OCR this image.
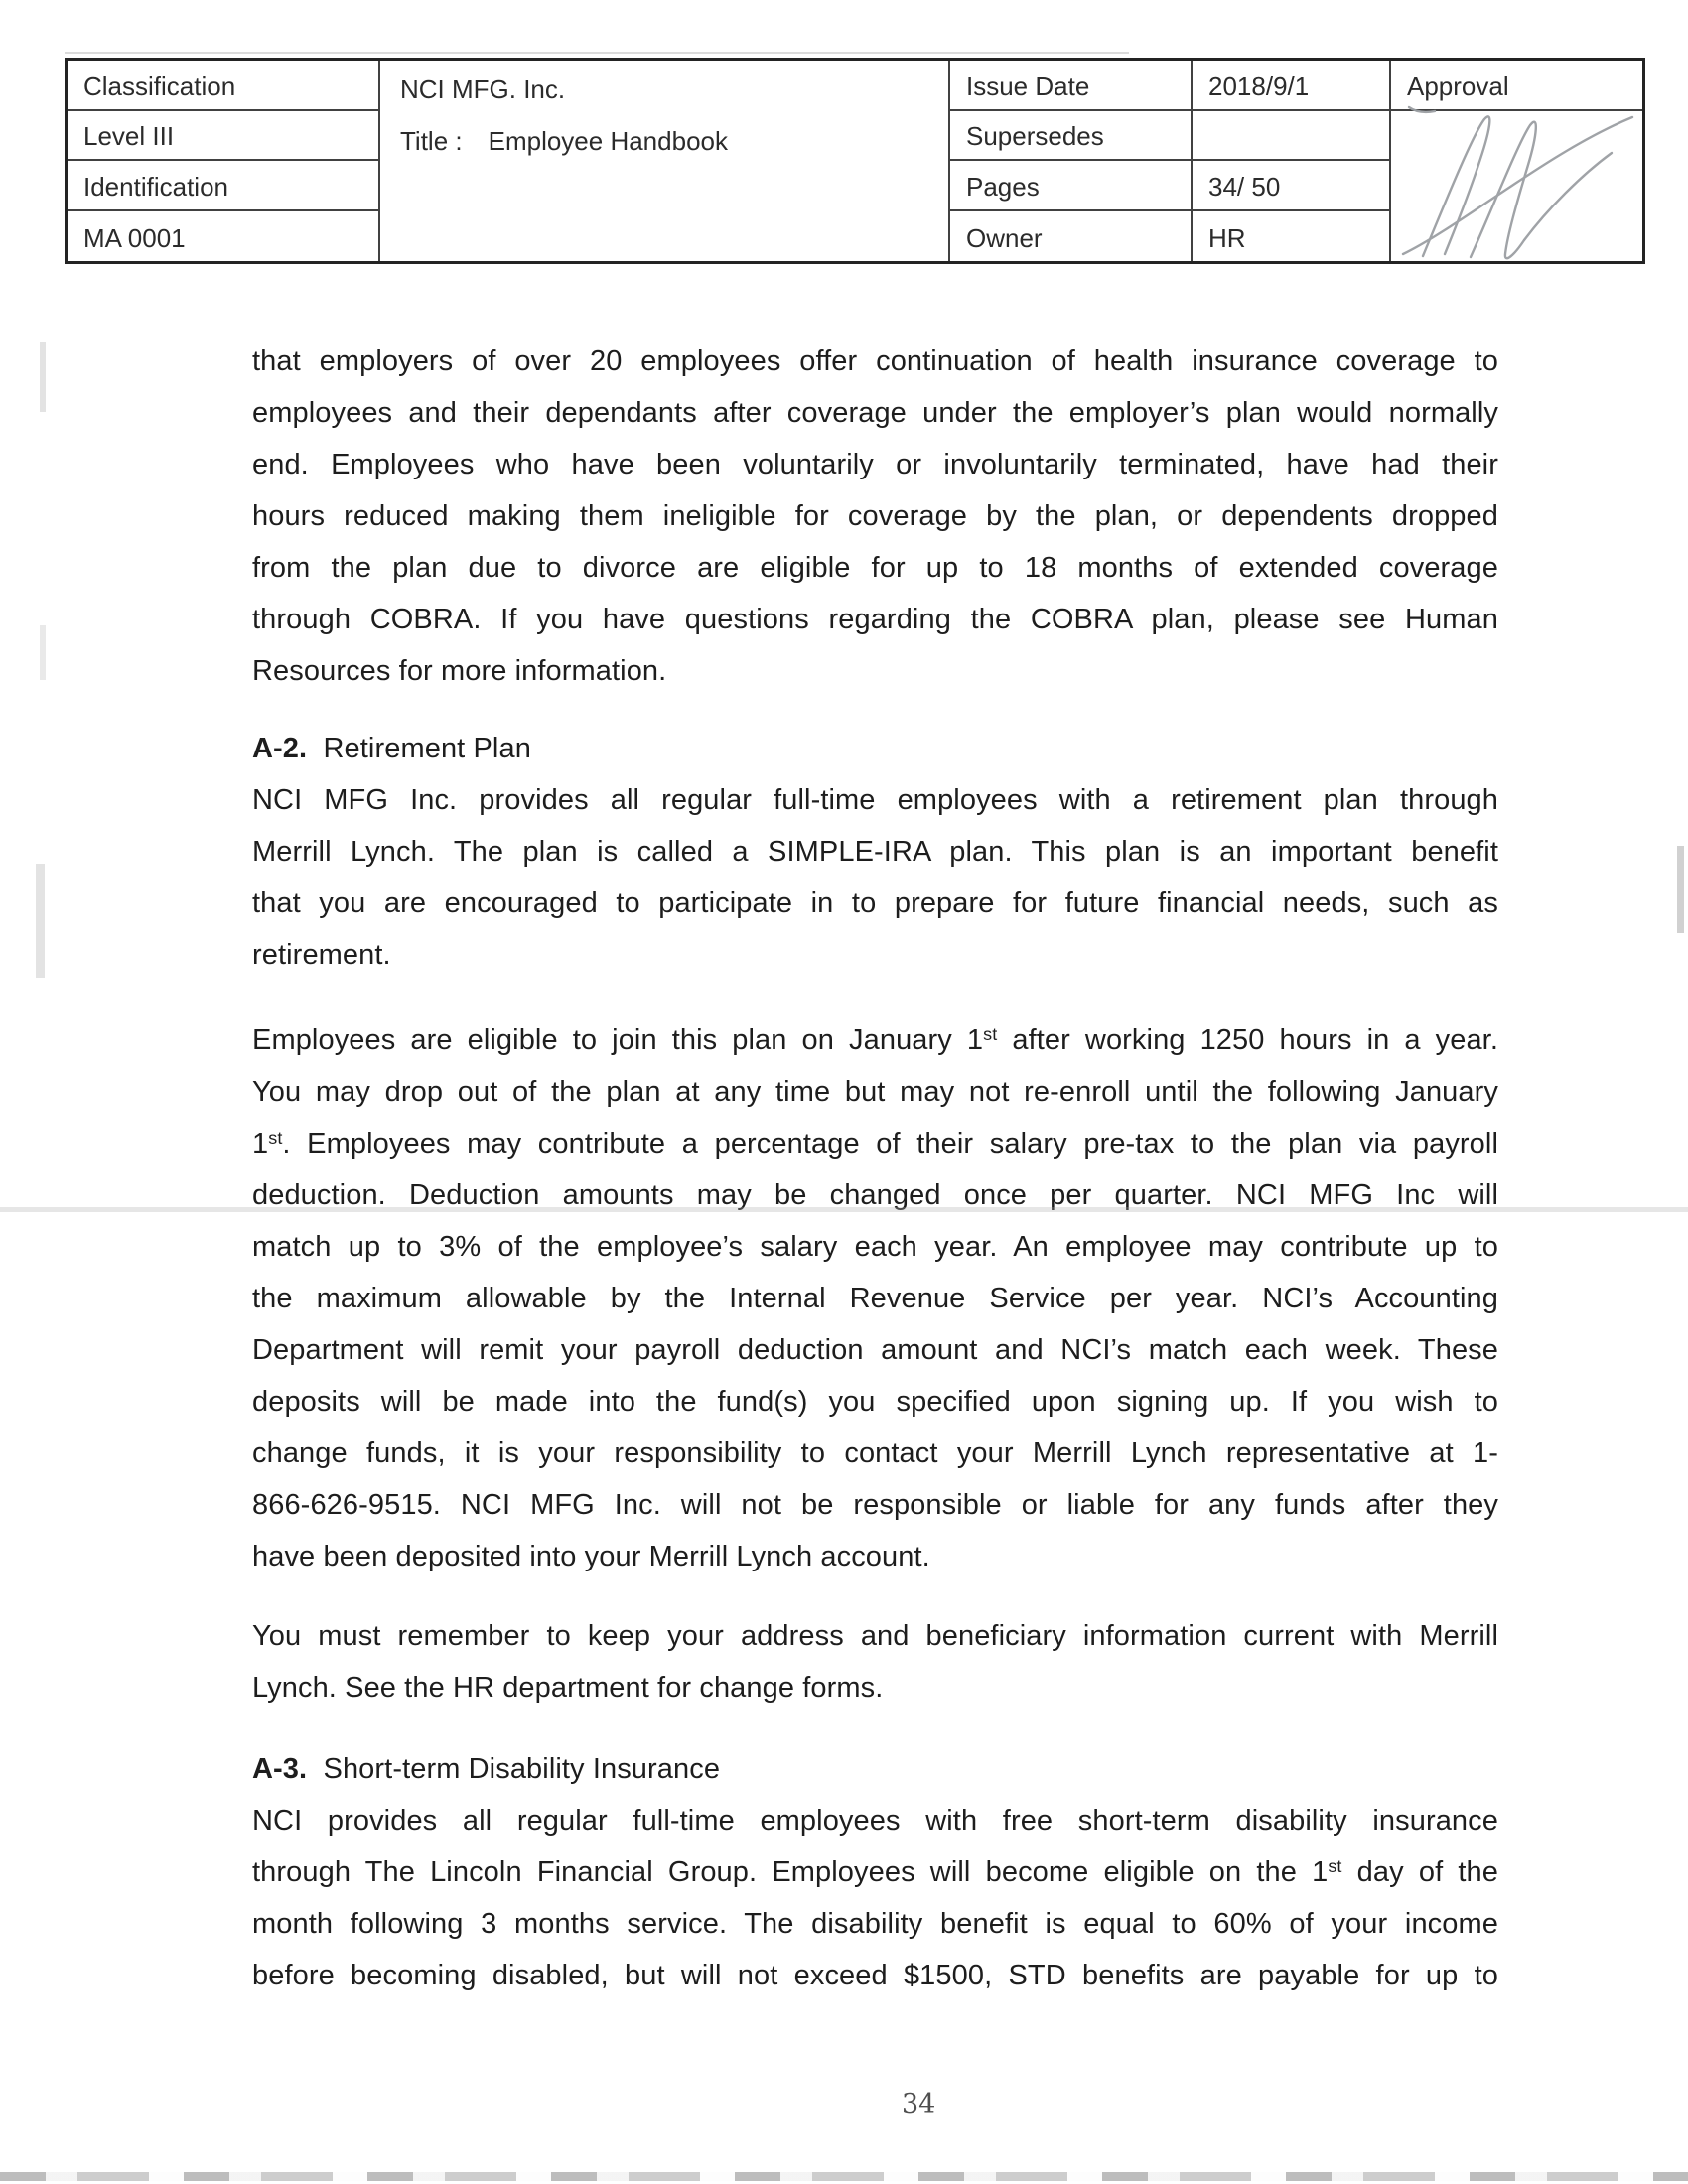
Classification
Level III
Identification
MA 0001
NCI MFG. Inc.
Title : Employee Handbook
Issue Date
Supersedes
Pages
Owner
2018/9/1
34/ 50
HR
Approval
that employers of over 20 employees offer continuation of health insurance coverage to
employees and their dependants after coverage under the employer’s plan would normally
end. Employees who have been voluntarily or involuntarily terminated, have had their
hours reduced making them ineligible for coverage by the plan, or dependents dropped
from the plan due to divorce are eligible for up to 18 months of extended coverage
through COBRA. If you have questions regarding the COBRA plan, please see Human
Resources for more information.
A-2.  Retirement Plan
NCI MFG Inc. provides all regular full-time employees with a retirement plan through
Merrill Lynch. The plan is called a SIMPLE-IRA plan. This plan is an important benefit
that you are encouraged to participate in to prepare for future financial needs, such as
retirement.
Employees are eligible to join this plan on January 1st after working 1250 hours in a year.
You may drop out of the plan at any time but may not re-enroll until the following January
1st. Employees may contribute a percentage of their salary pre-tax to the plan via payroll
deduction. Deduction amounts may be changed once per quarter. NCI MFG Inc will
match up to 3% of the employee’s salary each year. An employee may contribute up to
the maximum allowable by the Internal Revenue Service per year. NCI’s Accounting
Department will remit your payroll deduction amount and NCI’s match each week. These
deposits will be made into the fund(s) you specified upon signing up. If you wish to
change funds, it is your responsibility to contact your Merrill Lynch representative at 1-
866-626-9515. NCI MFG Inc. will not be responsible or liable for any funds after they
have been deposited into your Merrill Lynch account.
You must remember to keep your address and beneficiary information current with Merrill
Lynch. See the HR department for change forms.
A-3.  Short-term Disability Insurance
NCI provides all regular full-time employees with free short-term disability insurance
through The Lincoln Financial Group. Employees will become eligible on the 1st day of the
month following 3 months service. The disability benefit is equal to 60% of your income
before becoming disabled, but will not exceed $1500, STD benefits are payable for up to
34
